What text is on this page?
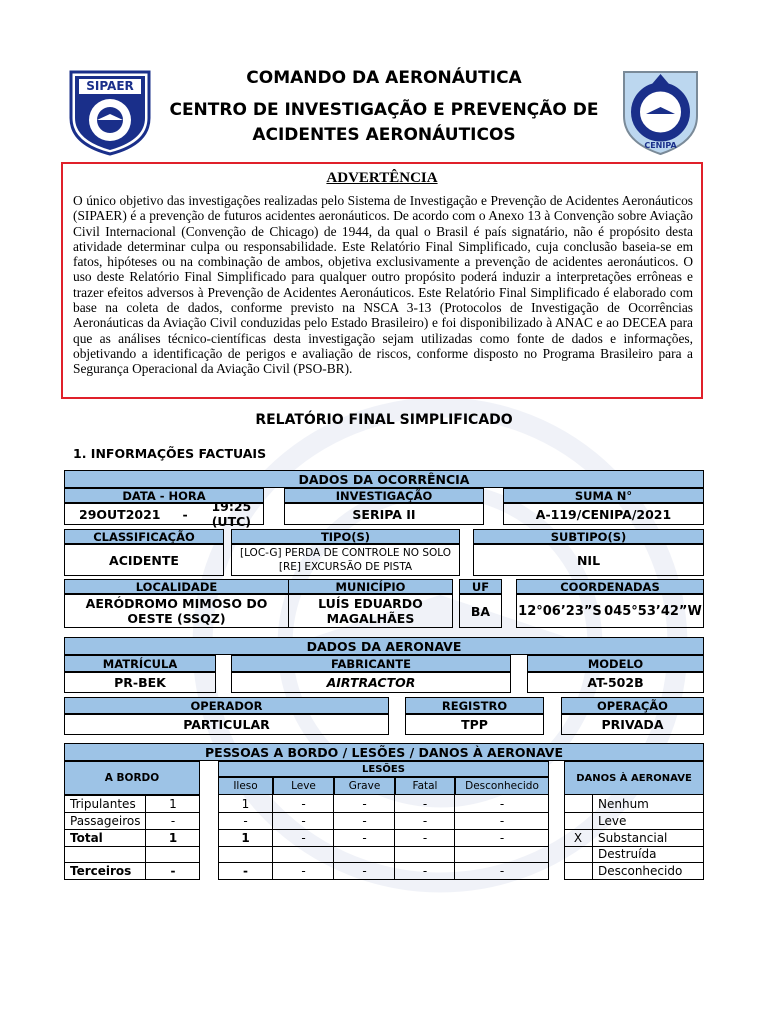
SIPAER
CENIPA
COMANDO DA AERONÁUTICA
CENTRO DE INVESTIGAÇÃO E PREVENÇÃO DE
ACIDENTES AERONÁUTICOS
ADVERTÊNCIA
O único objetivo das investigações realizadas pelo Sistema de Investigação e Prevenção de Acidentes Aeronáuticos (SIPAER) é a prevenção de futuros acidentes aeronáuticos. De acordo com o Anexo 13 à Convenção sobre Aviação Civil Internacional (Convenção de Chicago) de 1944, da qual o Brasil é país signatário, não é propósito desta atividade determinar culpa ou responsabilidade. Este Relatório Final Simplificado, cuja conclusão baseia-se em fatos, hipóteses ou na combinação de ambos, objetiva exclusivamente a prevenção de acidentes aeronáuticos. O uso deste Relatório Final Simplificado para qualquer outro propósito poderá induzir a interpretações errôneas e trazer efeitos adversos à Prevenção de Acidentes Aeronáuticos. Este Relatório Final Simplificado é elaborado com base na coleta de dados, conforme previsto na NSCA 3-13 (Protocolos de Investigação de Ocorrências Aeronáuticas da Aviação Civil conduzidas pelo Estado Brasileiro) e foi disponibilizado à ANAC e ao DECEA para que as análises técnico-científicas desta investigação sejam utilizadas como fonte de dados e informações, objetivando a identificação de perigos e avaliação de riscos, conforme disposto no Programa Brasileiro para a Segurança Operacional da Aviação Civil (PSO-BR).
RELATÓRIO FINAL SIMPLIFICADO
1. INFORMAÇÕES FACTUAIS
DADOS DA OCORRÊNCIA
DATA - HORA
29OUT2021 -	19:25 (UTC)
INVESTIGAÇÃO
SERIPA II
SUMA N°
A-119/CENIPA/2021
CLASSIFICAÇÃO
ACIDENTE
TIPO(S)
[LOC-G] PERDA DE CONTROLE NO SOLO
[RE] EXCURSÃO DE PISTA
SUBTIPO(S)
NIL
LOCALIDADE
AERÓDROMO MIMOSO DO
OESTE (SSQZ)
MUNICÍPIO
LUÍS EDUARDO
MAGALHÃES
UF
BA
COORDENADAS
12°06’23”S 045°53’42”W
DADOS DA AERONAVE
MATRÍCULA
PR-BEK
FABRICANTE
AIRTRACTOR
MODELO
AT-502B
OPERADOR
PARTICULAR
REGISTRO
TPP
OPERAÇÃO
PRIVADA
PESSOAS A BORDO / LESÕES / DANOS À AERONAVE
A BORDO
LESÕES
DANOS À AERONAVE
Ileso	Leve	Grave	Fatal	Desconhecido
Tripulantes	1	1	-	-	-	-
Passageiros	-	-	-	-	-	-
Total	1	1	-	-	-	-
Terceiros	-	-	-	-	-	-
Nenhum
Leve
X	Substancial
Destruída
Desconhecido
